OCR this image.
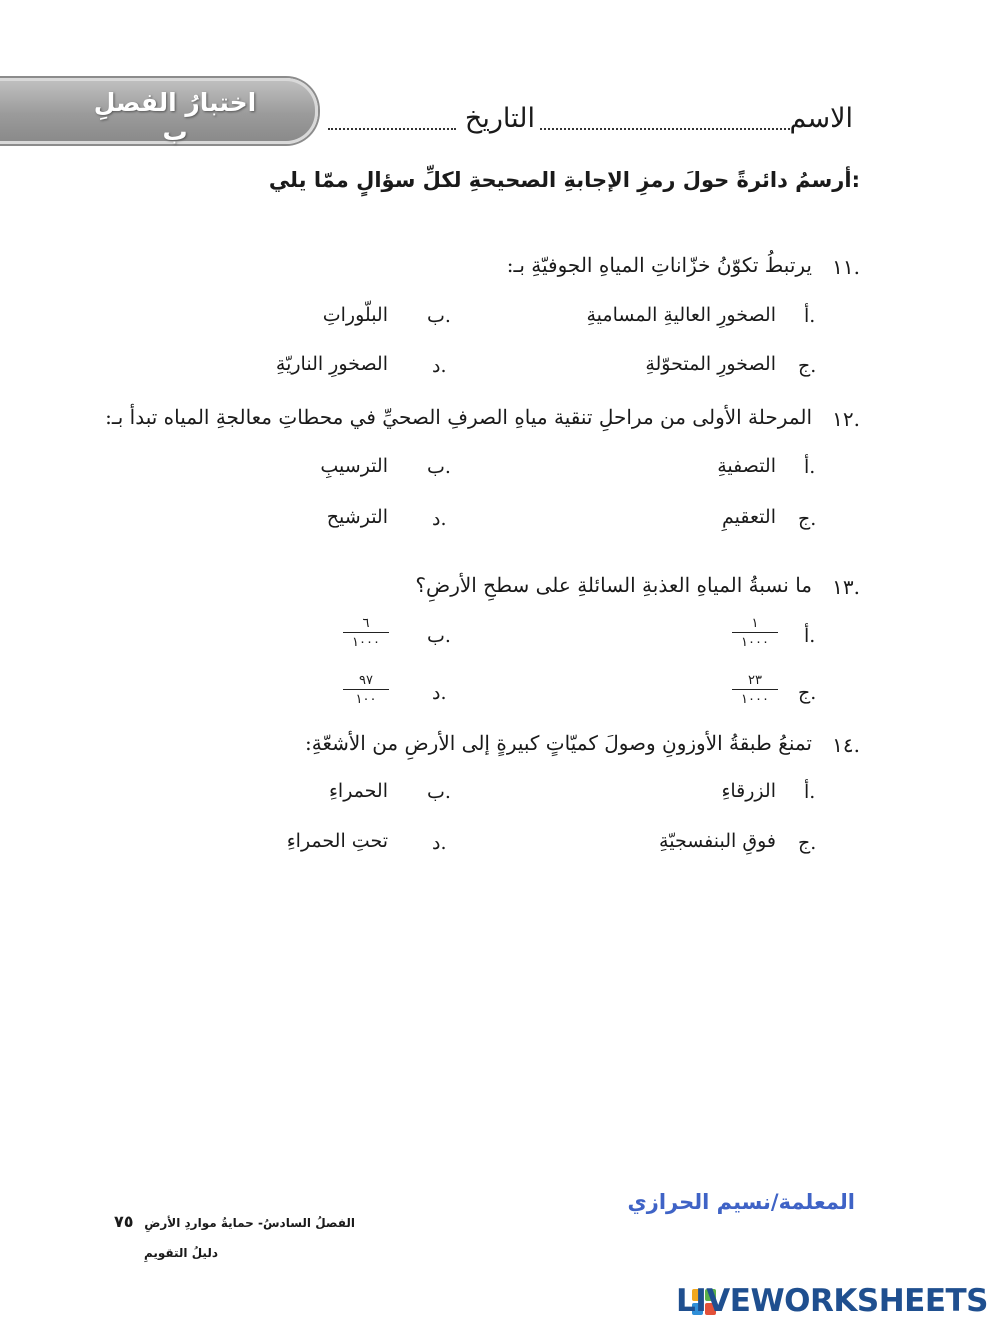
اختبارُ الفصلِ ب	الاسم
التاريخ
أرسمُ دائرةً حولَ رمزِ الإجابةِ الصحيحةِ لكلِّ سؤالٍ ممّا يلي:
١١.
يرتبطُ تكوّنُ خزّاناتِ المياهِ الجوفيّةِ بـ:
أ.
الصخورِ العاليةِ المساميةِ
ب.
البلّوراتِ
ج.
الصخورِ المتحوّلةِ
د.
الصخورِ الناريّةِ
١٢.
المرحلة الأولى من مراحلِ تنقية مياهِ الصرفِ الصحيِّ في محطاتِ معالجةِ المياه تبدأ بـ:
أ.
التصفيةِ
ب.
الترسيبِ
ج.
التعقيمِ
د.
الترشيح
١٣.
ما نسبةُ المياهِ العذبةِ السائلةِ على سطحِ الأرضِ؟
أ.
١
١٠٠٠
ب.
٦
١٠٠٠
ج.
٢٣
١٠٠٠
د.
٩٧
١٠٠
١٤.
تمنعُ طبقةُ الأوزونِ وصولَ كميّاتٍ كبيرةٍ إلى الأرضِ من الأشعّةِ:
أ.
الزرقاءِ
ب.
الحمراءِ
ج.
فوقِ البنفسجيّةِ
د.
تحتِ الحمراءِ
المعلمة/نسيم الحرازي
الفصلُ السادسُ- حمايةُ مواردِ الأرضِ
٧٥
دليلُ التقويمِ
LIVEWORKSHEETS
